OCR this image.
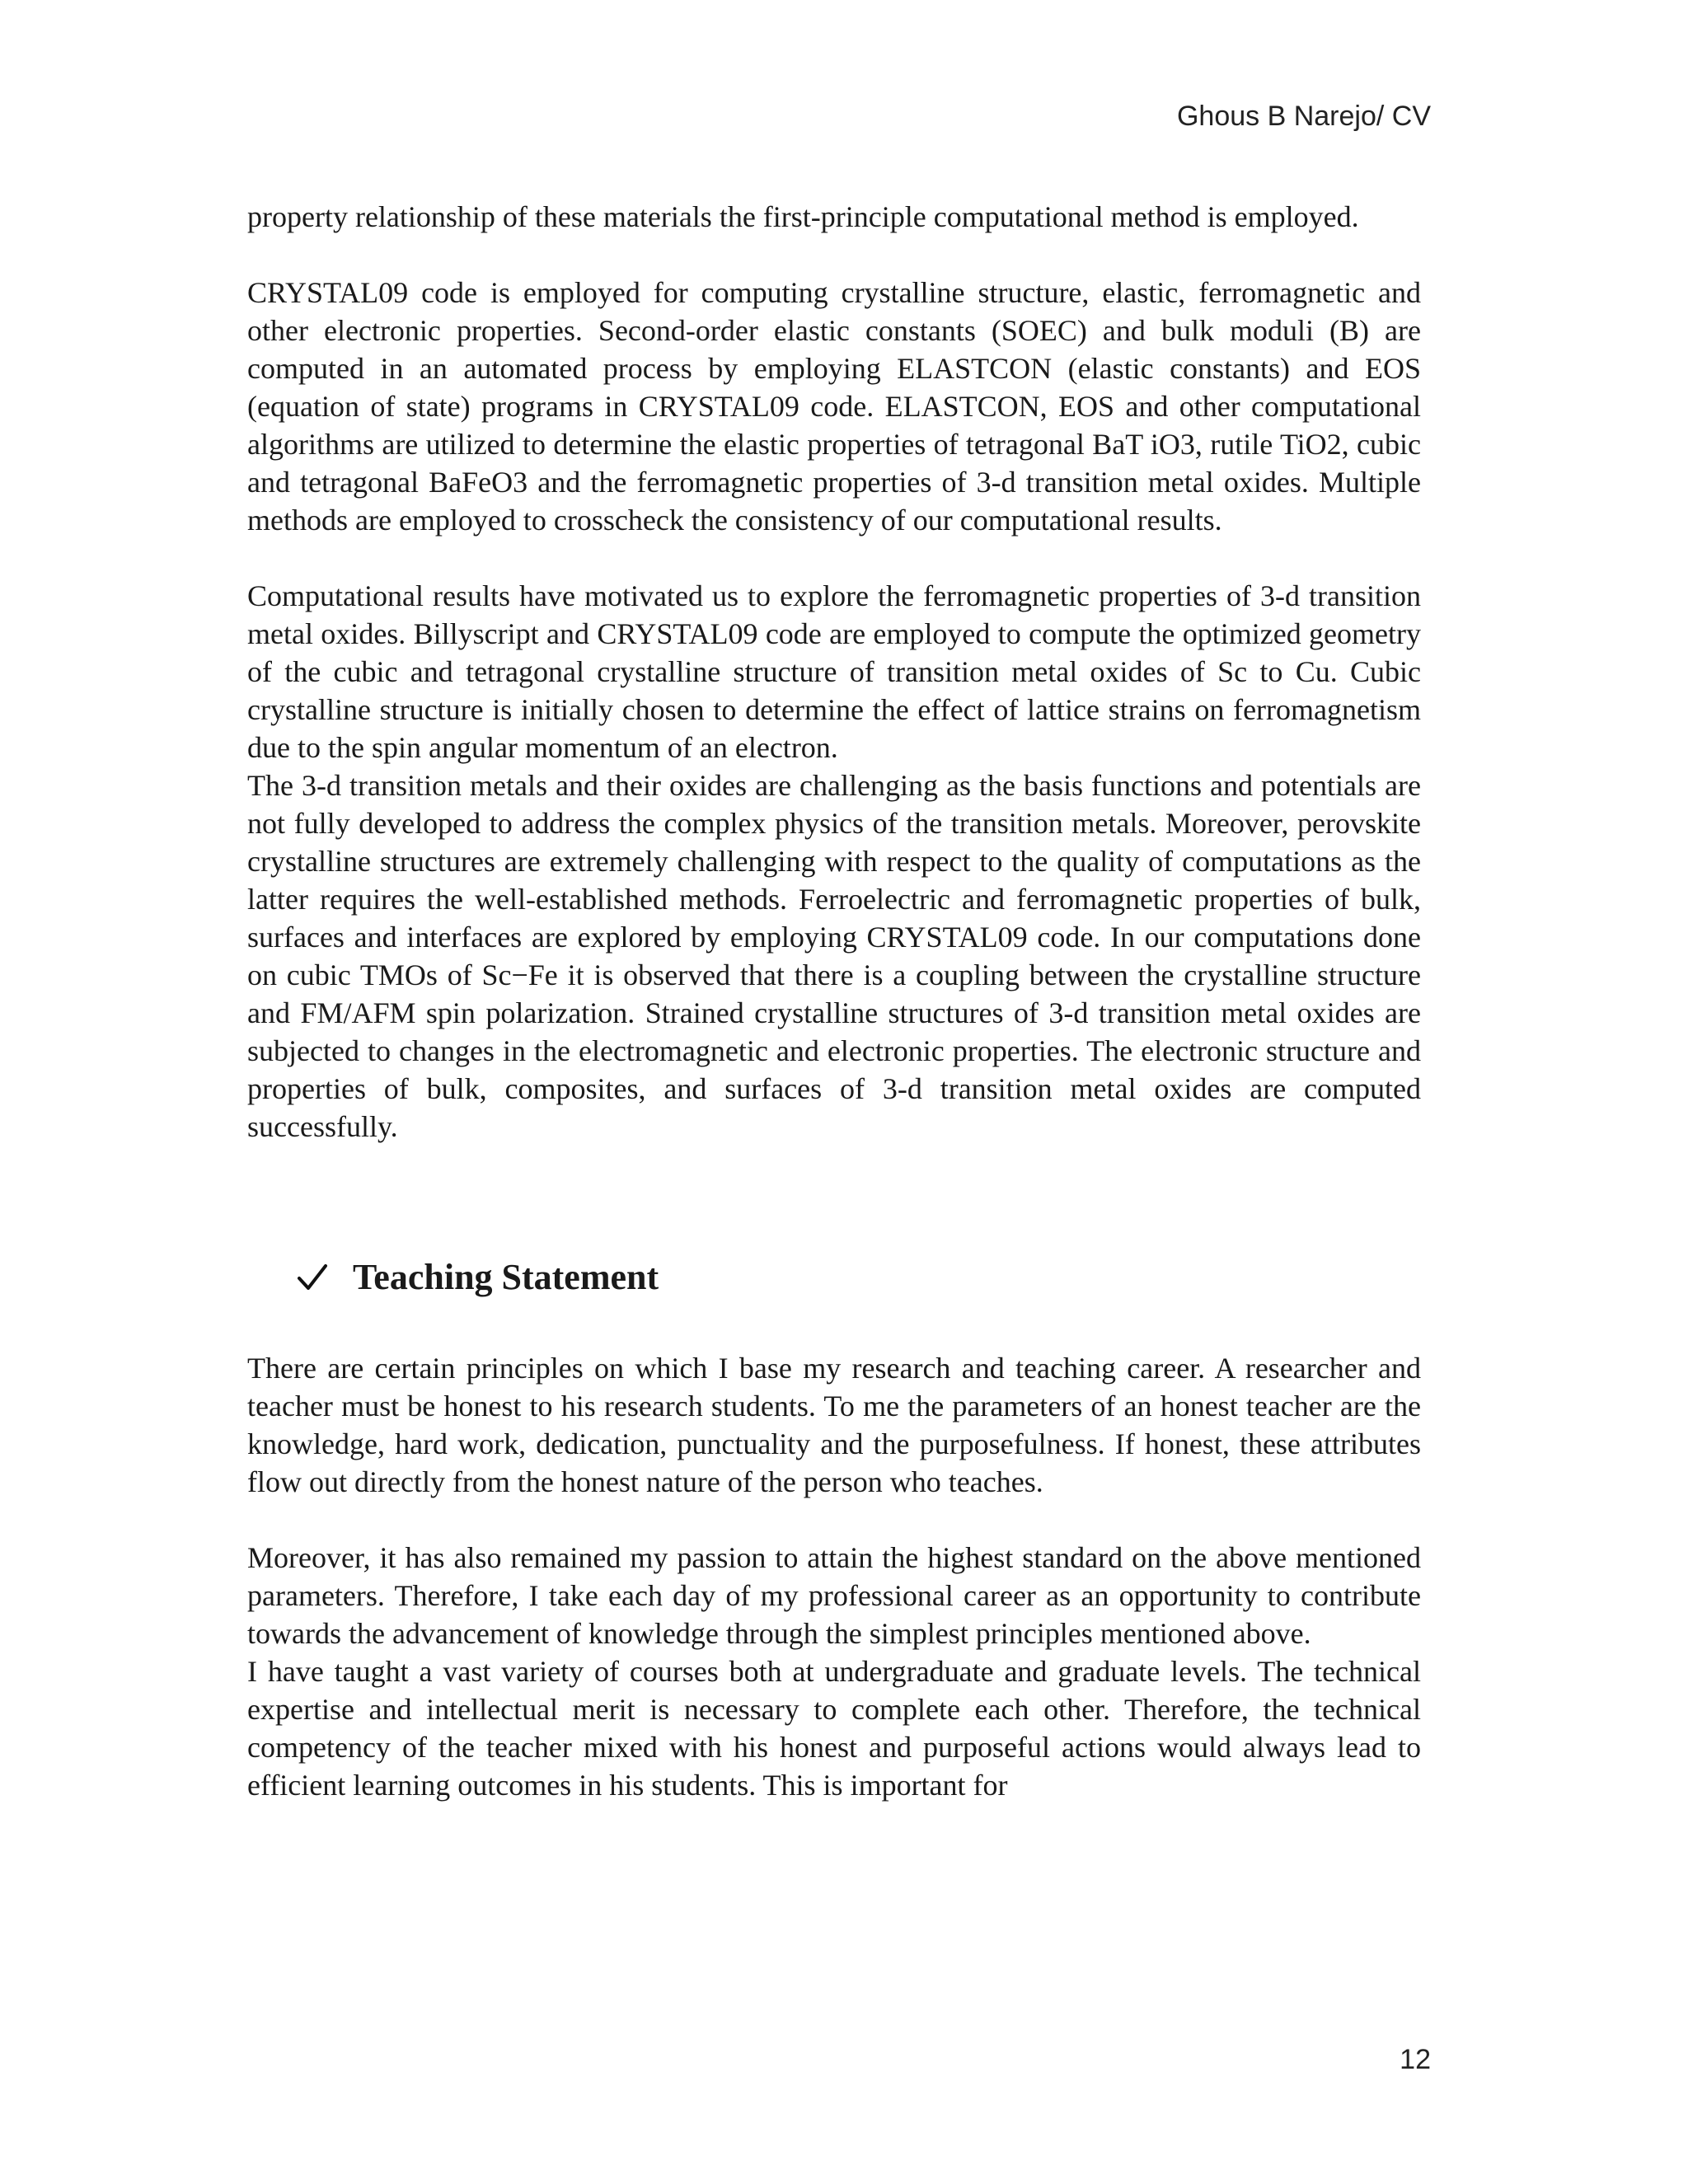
Ghous B Narejo/ CV

property relationship of these materials the first-principle computational method is employed.

CRYSTAL09 code is employed for computing crystalline structure, elastic, ferromagnetic and other electronic properties. Second-order elastic constants (SOEC) and bulk moduli (B) are computed in an automated process by employing ELASTCON (elastic constants) and EOS (equation of state) programs in CRYSTAL09 code. ELASTCON, EOS and other computational algorithms are utilized to determine the elastic properties of tetragonal BaT iO3, rutile TiO2, cubic and tetragonal BaFeO3 and the ferromagnetic properties of 3-d transition metal oxides. Multiple methods are employed to crosscheck the consistency of our computational results.

Computational results have motivated us to explore the ferromagnetic properties of 3-d transition metal oxides. Billyscript and CRYSTAL09 code are employed to compute the optimized geometry of the cubic and tetragonal crystalline structure of transition metal oxides of Sc to Cu. Cubic crystalline structure is initially chosen to determine the effect of lattice strains on ferromagnetism due to the spin angular momentum of an electron.

The 3-d transition metals and their oxides are challenging as the basis functions and potentials are not fully developed to address the complex physics of the transition metals. Moreover, perovskite crystalline structures are extremely challenging with respect to the quality of computations as the latter requires the well-established methods. Ferroelectric and ferromagnetic properties of bulk, surfaces and interfaces are explored by employing CRYSTAL09 code. In our computations done on cubic TMOs of Sc−Fe it is observed that there is a coupling between the crystalline structure and FM/AFM spin polarization. Strained crystalline structures of 3-d transition metal oxides are subjected to changes in the electromagnetic and electronic properties. The electronic structure and properties of bulk, composites, and surfaces of 3-d transition metal oxides are computed successfully.

Teaching Statement

There are certain principles on which I base my research and teaching career. A researcher and teacher must be honest to his research students. To me the parameters of an honest teacher are the knowledge, hard work, dedication, punctuality and the purposefulness. If honest, these attributes flow out directly from the honest nature of the person who teaches.

Moreover, it has also remained my passion to attain the highest standard on the above mentioned parameters. Therefore, I take each day of my professional career as an opportunity to contribute towards the advancement of knowledge through the simplest principles mentioned above.

I have taught a vast variety of courses both at undergraduate and graduate levels. The technical expertise and intellectual merit is necessary to complete each other. Therefore, the technical competency of the teacher mixed with his honest and purposeful actions would always lead to efficient learning outcomes in his students. This is important for

12
